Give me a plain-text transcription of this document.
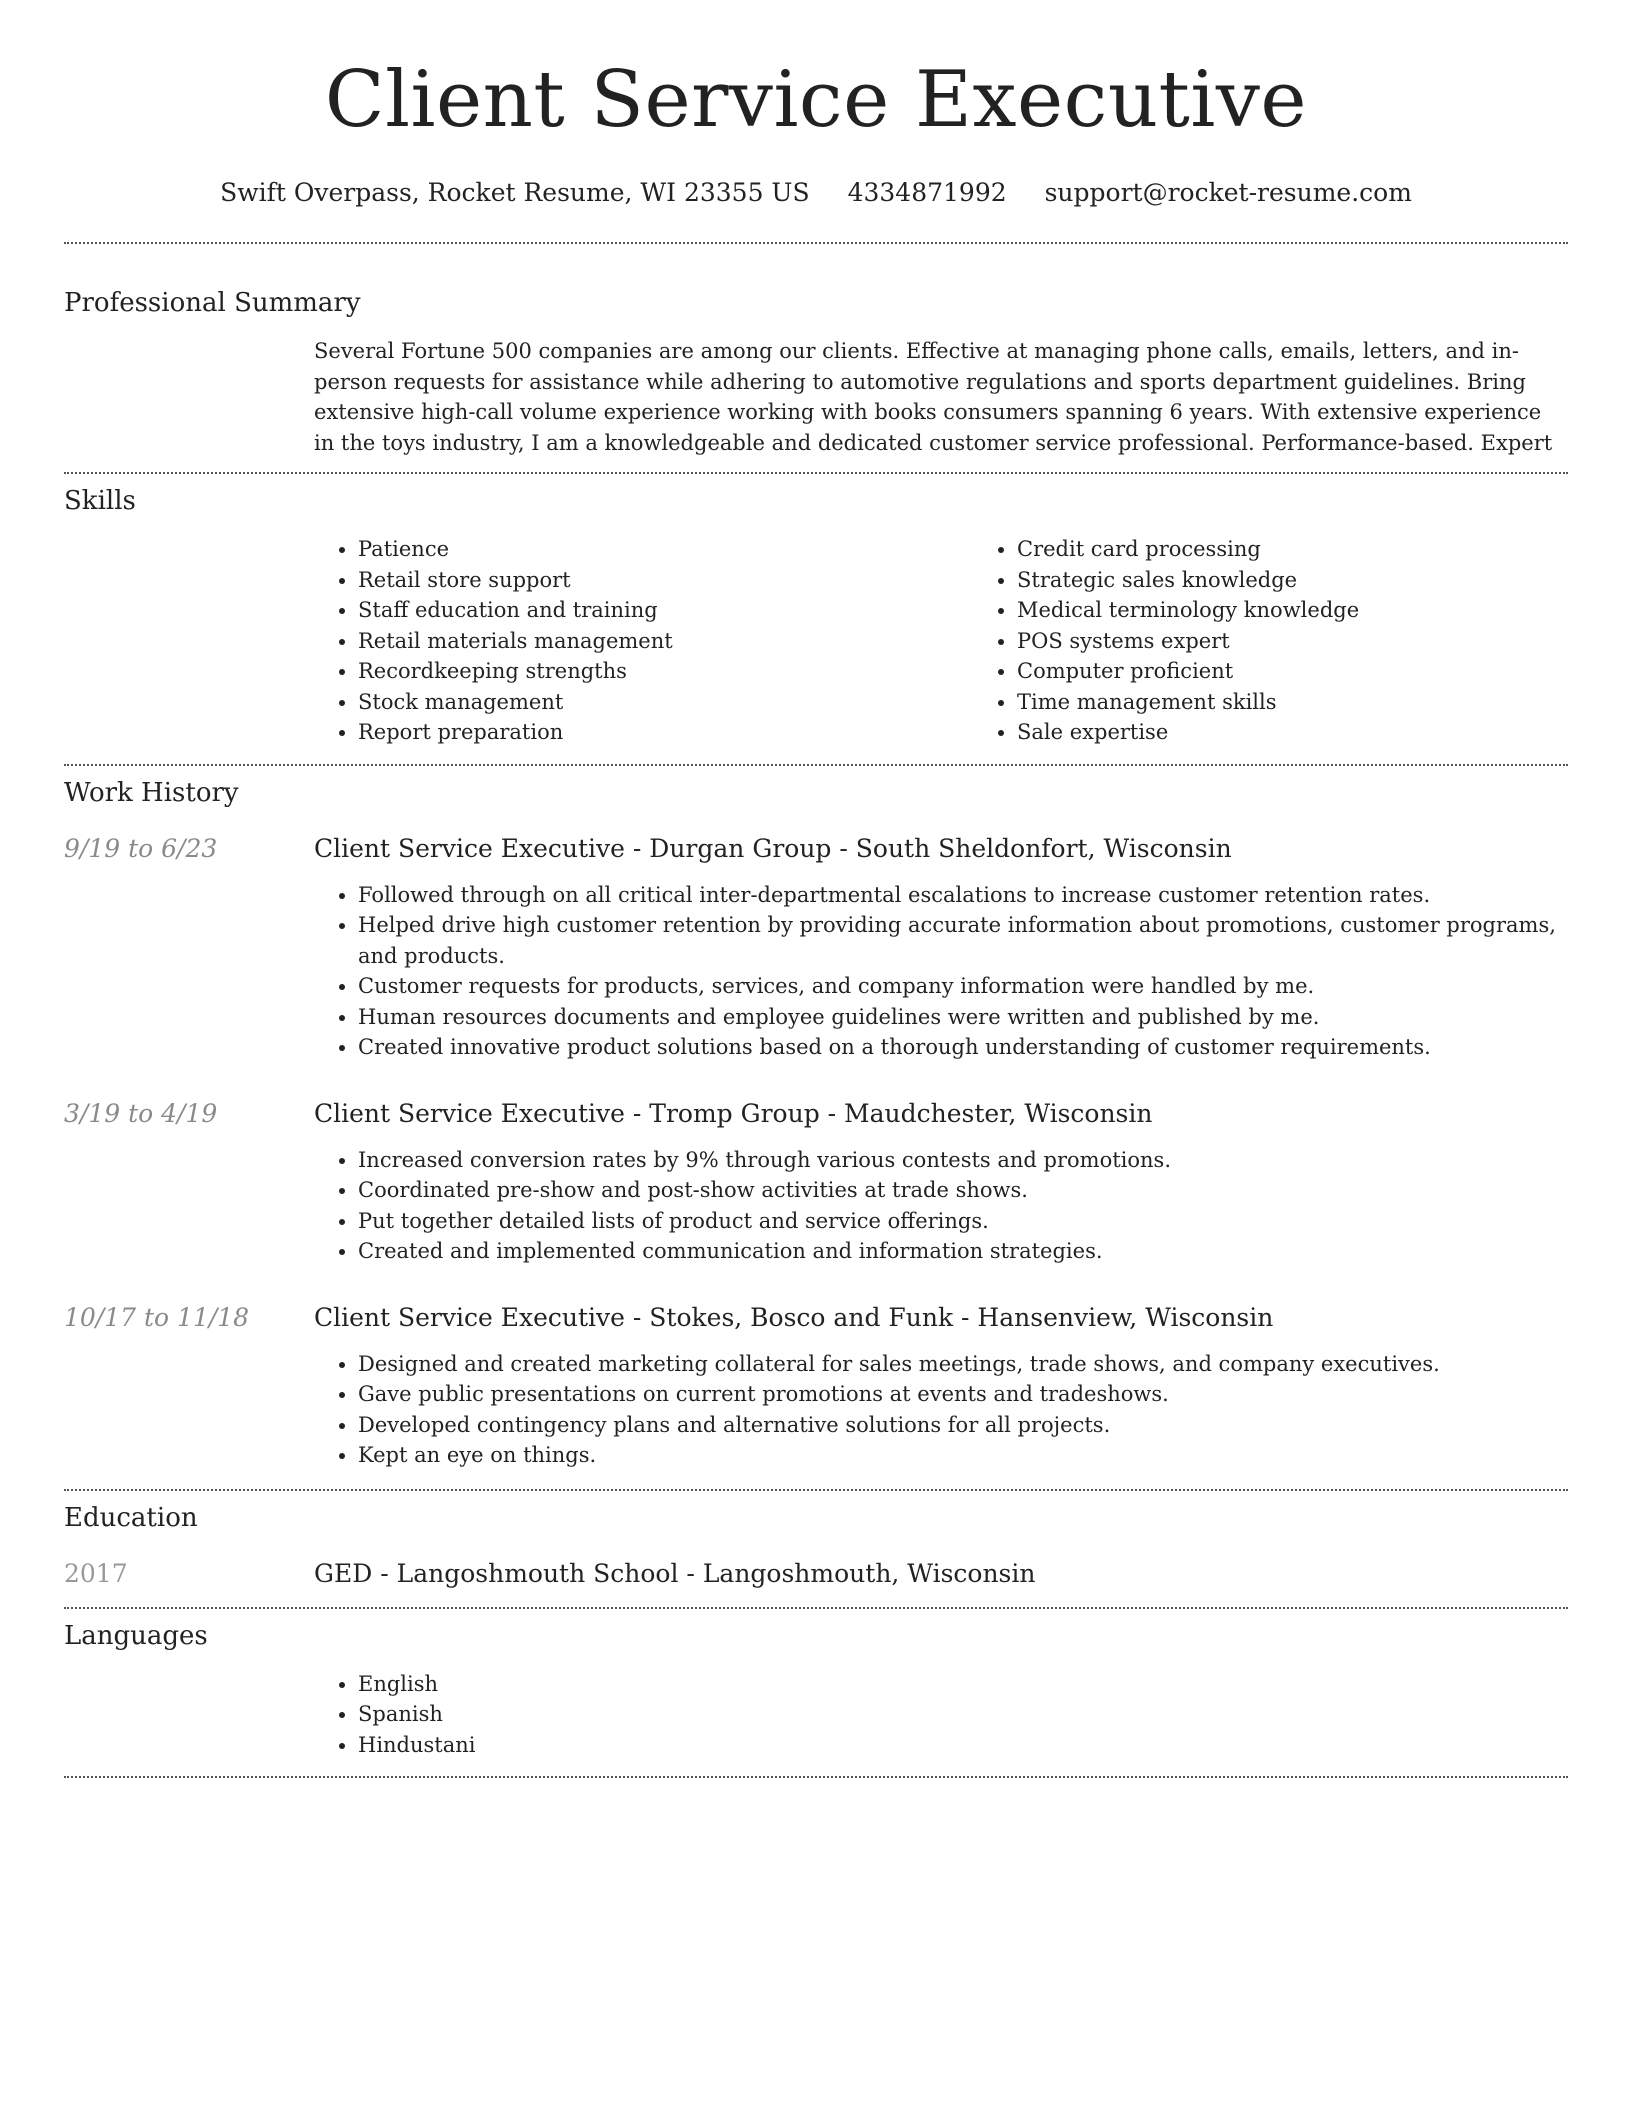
Client Service Executive
Swift Overpass, Rocket Resume, WI 23355 US 4334871992 support@rocket-resume.com
Professional Summary
Several Fortune 500 companies are among our clients. Effective at managing phone calls, emails, letters, and in-person requests for assistance while adhering to automotive regulations and sports department guidelines. Bring extensive high-call volume experience working with books consumers spanning 6 years. With extensive experience in the toys industry, I am a knowledgeable and dedicated customer service professional. Performance-based. Expert
Skills
• Patience
• Retail store support
• Staff education and training
• Retail materials management
• Recordkeeping strengths
• Stock management
• Report preparation
• Credit card processing
• Strategic sales knowledge
• Medical terminology knowledge
• POS systems expert
• Computer proficient
• Time management skills
• Sale expertise
Work History
9/19 to 6/23	Client Service Executive - Durgan Group - South Sheldonfort, Wisconsin
• Followed through on all critical inter-departmental escalations to increase customer retention rates.
• Helped drive high customer retention by providing accurate information about promotions, customer programs, and products.
• Customer requests for products, services, and company information were handled by me.
• Human resources documents and employee guidelines were written and published by me.
• Created innovative product solutions based on a thorough understanding of customer requirements.
3/19 to 4/19	Client Service Executive - Tromp Group - Maudchester, Wisconsin
• Increased conversion rates by 9% through various contests and promotions.
• Coordinated pre-show and post-show activities at trade shows.
• Put together detailed lists of product and service offerings.
• Created and implemented communication and information strategies.
10/17 to 11/18	Client Service Executive - Stokes, Bosco and Funk - Hansenview, Wisconsin
• Designed and created marketing collateral for sales meetings, trade shows, and company executives.
• Gave public presentations on current promotions at events and tradeshows.
• Developed contingency plans and alternative solutions for all projects.
• Kept an eye on things.
Education
2017	GED - Langoshmouth School - Langoshmouth, Wisconsin
Languages
• English
• Spanish
• Hindustani
